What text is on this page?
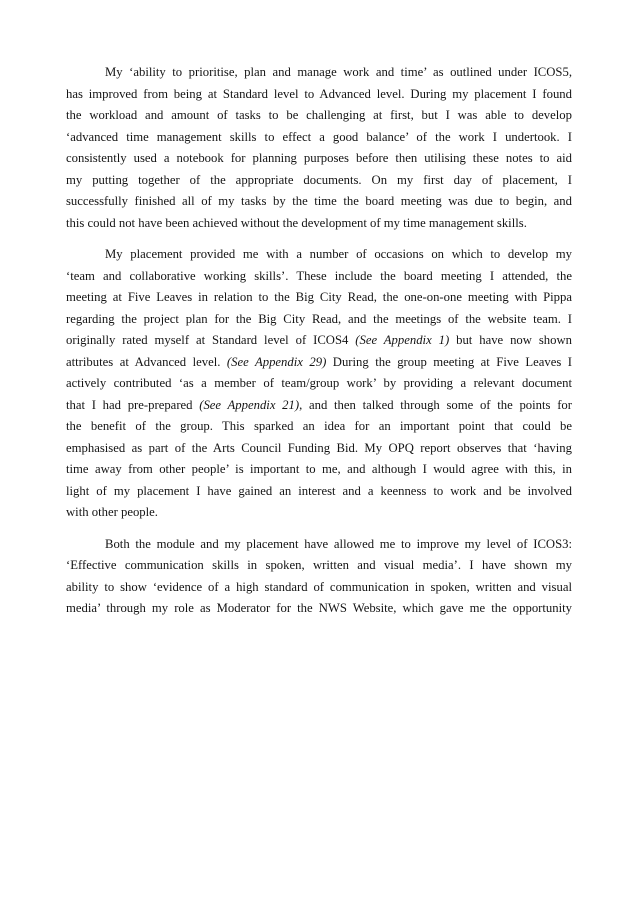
My ‘ability to prioritise, plan and manage work and time’ as outlined under ICOS5,
has improved from being at Standard level to Advanced level. During my placement I found
the workload and amount of tasks to be challenging at first, but I was able to develop
‘advanced time management skills to effect a good balance’ of the work I undertook. I
consistently used a notebook for planning purposes before then utilising these notes to aid
my putting together of the appropriate documents. On my first day of placement, I
successfully finished all of my tasks by the time the board meeting was due to begin, and
this could not have been achieved without the development of my time management skills.
My placement provided me with a number of occasions on which to develop my
‘team and collaborative working skills’. These include the board meeting I attended, the
meeting at Five Leaves in relation to the Big City Read, the one-on-one meeting with Pippa
regarding the project plan for the Big City Read, and the meetings of the website team. I
originally rated myself at Standard level of ICOS4 (See Appendix 1) but have now shown
attributes at Advanced level. (See Appendix 29) During the group meeting at Five Leaves I
actively contributed ‘as a member of team/group work’ by providing a relevant document
that I had pre-prepared (See Appendix 21), and then talked through some of the points for
the benefit of the group. This sparked an idea for an important point that could be
emphasised as part of the Arts Council Funding Bid. My OPQ report observes that ‘having
time away from other people’ is important to me, and although I would agree with this, in
light of my placement I have gained an interest and a keenness to work and be involved
with other people.
Both the module and my placement have allowed me to improve my level of ICOS3:
‘Effective communication skills in spoken, written and visual media’. I have shown my
ability to show ‘evidence of a high standard of communication in spoken, written and visual
media’ through my role as Moderator for the NWS Website, which gave me the opportunity
